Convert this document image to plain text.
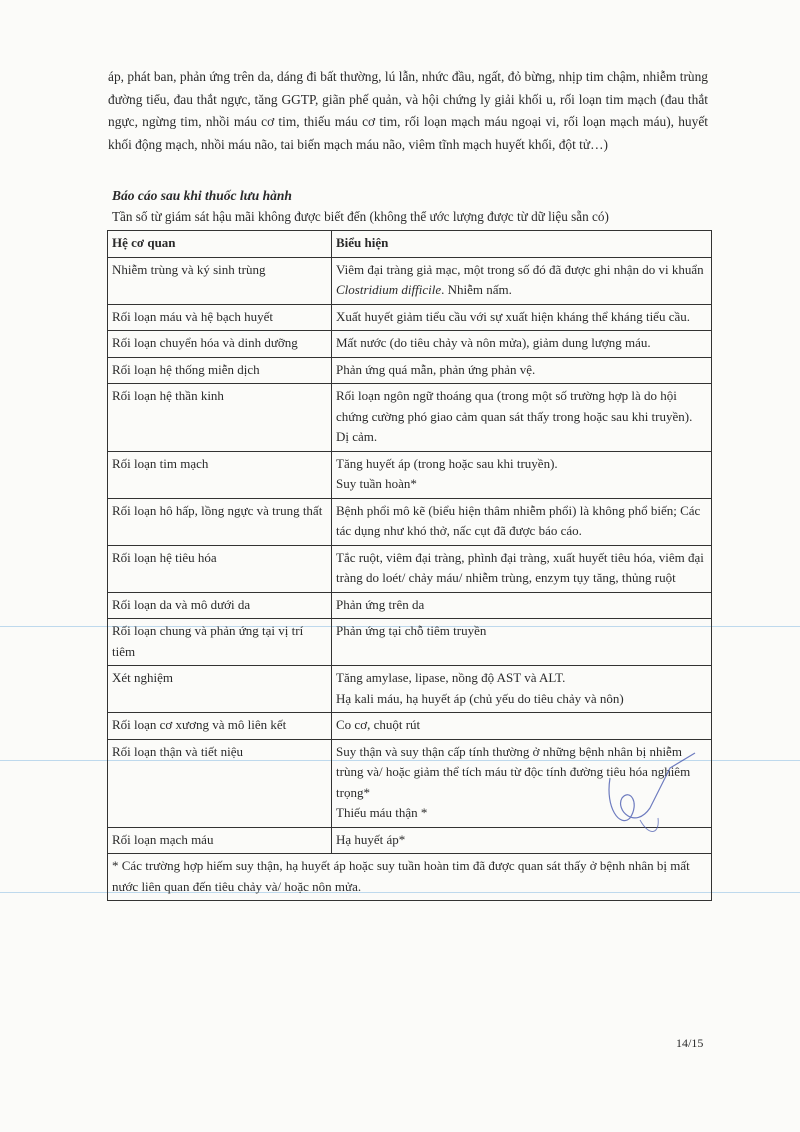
áp, phát ban, phản ứng trên da, dáng đi bất thường, lú lẫn, nhức đầu, ngất, đỏ bừng, nhịp tim chậm, nhiễm trùng đường tiểu, đau thắt ngực, tăng GGTP, giãn phế quản, và hội chứng ly giải khối u, rối loạn tim mạch (đau thắt ngực, ngừng tim, nhồi máu cơ tim, thiếu máu cơ tim, rối loạn mạch máu ngoại vi, rối loạn mạch máu), huyết khối động mạch, nhồi máu não, tai biến mạch máu não, viêm tĩnh mạch huyết khối, đột tử…)

Báo cáo sau khi thuốc lưu hành
Tần số từ giám sát hậu mãi không được biết đến (không thể ước lượng được từ dữ liệu sẵn có)
Hệ cơ quan	Biểu hiện
Nhiễm trùng và ký sinh trùng	Viêm đại tràng giả mạc, một trong số đó đã được ghi nhận do vi khuẩn Clostridium difficile. Nhiễm nấm.

Rối loạn máu và hệ bạch huyết	Xuất huyết giảm tiểu cầu với sự xuất hiện kháng thể kháng tiểu cầu.

Rối loạn chuyển hóa và dinh dưỡng	Mất nước (do tiêu chảy và nôn mửa), giảm dung lượng máu.

Rối loạn hệ thống miễn dịch	Phản ứng quá mẫn, phản ứng phản vệ.

Rối loạn hệ thần kinh	Rối loạn ngôn ngữ thoáng qua (trong một số trường hợp là do hội chứng cường phó giao cảm quan sát thấy trong hoặc sau khi truyền).
Dị cảm.

Rối loạn tim mạch	Tăng huyết áp (trong hoặc sau khi truyền).
Suy tuần hoàn*

Rối loạn hô hấp, lồng ngực và trung thất	Bệnh phổi mô kẽ (biểu hiện thâm nhiễm phổi) là không phổ biến; Các tác dụng như khó thở, nấc cụt đã được báo cáo.

Rối loạn hệ tiêu hóa	Tắc ruột, viêm đại tràng, phình đại tràng, xuất huyết tiêu hóa, viêm đại tràng do loét/ chảy máu/ nhiễm trùng, enzym tụy tăng, thủng ruột

Rối loạn da và mô dưới da	Phản ứng trên da

Rối loạn chung và phản ứng tại vị trí tiêm	Phản ứng tại chỗ tiêm truyền

Xét nghiệm	Tăng amylase, lipase, nồng độ AST và ALT.
Hạ kali máu, hạ huyết áp (chủ yếu do tiêu chảy và nôn)

Rối loạn cơ xương và mô liên kết	Co cơ, chuột rút

Rối loạn thận và tiết niệu	Suy thận và suy thận cấp tính thường ở những bệnh nhân bị nhiễm trùng và/ hoặc giảm thể tích máu từ độc tính đường tiêu hóa nghiêm trọng*
Thiếu máu thận *

Rối loạn mạch máu	Hạ huyết áp*

* Các trường hợp hiếm suy thận, hạ huyết áp hoặc suy tuần hoàn tim đã được quan sát thấy ở bệnh nhân bị mất nước liên quan đến tiêu chảy và/ hoặc nôn mửa.	
14/15
